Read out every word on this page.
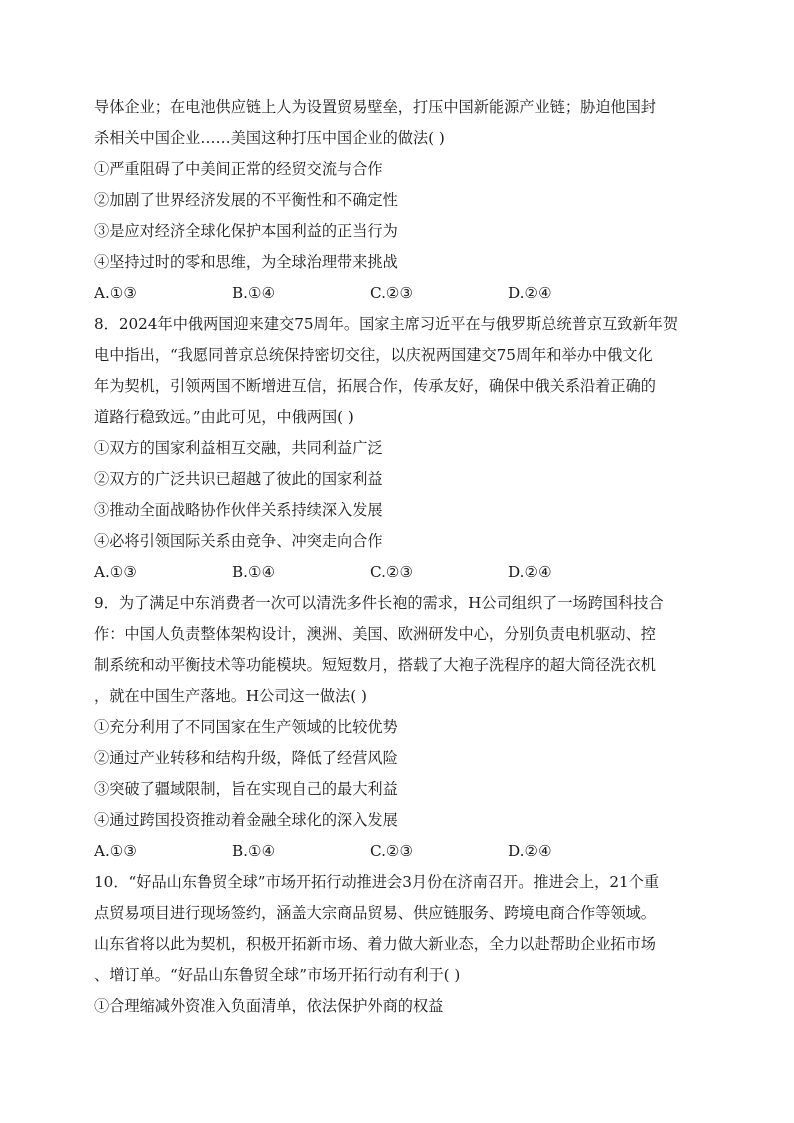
导体企业；在电池供应链上人为设置贸易壁垒，打压中国新能源产业链；胁迫他国封
杀相关中国企业……美国这种打压中国企业的做法( )
①严重阻碍了中美间正常的经贸交流与合作
②加剧了世界经济发展的不平衡性和不确定性
③是应对经济全球化保护本国利益的正当行为
④坚持过时的零和思维，为全球治理带来挑战
A.①③	B.①④	C.②③	D.②④
8．2024年中俄两国迎来建交75周年。国家主席习近平在与俄罗斯总统普京互致新年贺
电中指出，“我愿同普京总统保持密切交往，以庆祝两国建交75周年和举办中俄文化
年为契机，引领两国不断增进互信，拓展合作，传承友好，确保中俄关系沿着正确的
道路行稳致远。”由此可见，中俄两国( )
①双方的国家利益相互交融，共同利益广泛
②双方的广泛共识已超越了彼此的国家利益
③推动全面战略协作伙伴关系持续深入发展
④必将引领国际关系由竞争、冲突走向合作
A.①③	B.①④	C.②③	D.②④
9．为了满足中东消费者一次可以清洗多件长袍的需求，H公司组织了一场跨国科技合
作：中国人负责整体架构设计，澳洲、美国、欧洲研发中心，分别负责电机驱动、控
制系统和动平衡技术等功能模块。短短数月，搭载了大袍子洗程序的超大筒径洗衣机
，就在中国生产落地。H公司这一做法( )
①充分利用了不同国家在生产领域的比较优势
②通过产业转移和结构升级，降低了经营风险
③突破了疆域限制，旨在实现自己的最大利益
④通过跨国投资推动着金融全球化的深入发展
A.①③	B.①④	C.②③	D.②④
10．“好品山东鲁贸全球”市场开拓行动推进会3月份在济南召开。推进会上，21个重
点贸易项目进行现场签约，涵盖大宗商品贸易、供应链服务、跨境电商合作等领域。
山东省将以此为契机，积极开拓新市场、着力做大新业态，全力以赴帮助企业拓市场
、增订单。“好品山东鲁贸全球”市场开拓行动有利于( )
①合理缩减外资准入负面清单，依法保护外商的权益
